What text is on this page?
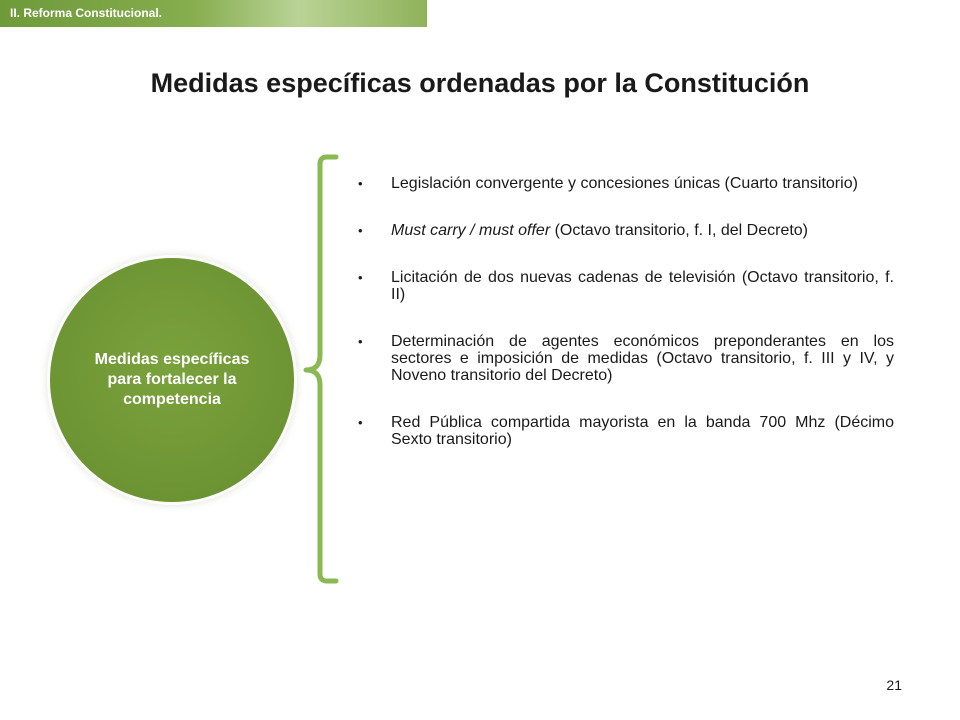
II. Reforma Constitucional.
Medidas específicas ordenadas por la Constitución
Medidas específicas para fortalecer la competencia
• Legislación convergente y concesiones únicas (Cuarto transitorio)
• Must carry / must offer (Octavo transitorio, f. I, del Decreto)
• Licitación de dos nuevas cadenas de televisión (Octavo transitorio, f. II)
• Determinación de agentes económicos preponderantes en los sectores e imposición de medidas (Octavo transitorio, f. III y IV, y Noveno transitorio del Decreto)
• Red Pública compartida mayorista en la banda 700 Mhz (Décimo Sexto transitorio)
21
